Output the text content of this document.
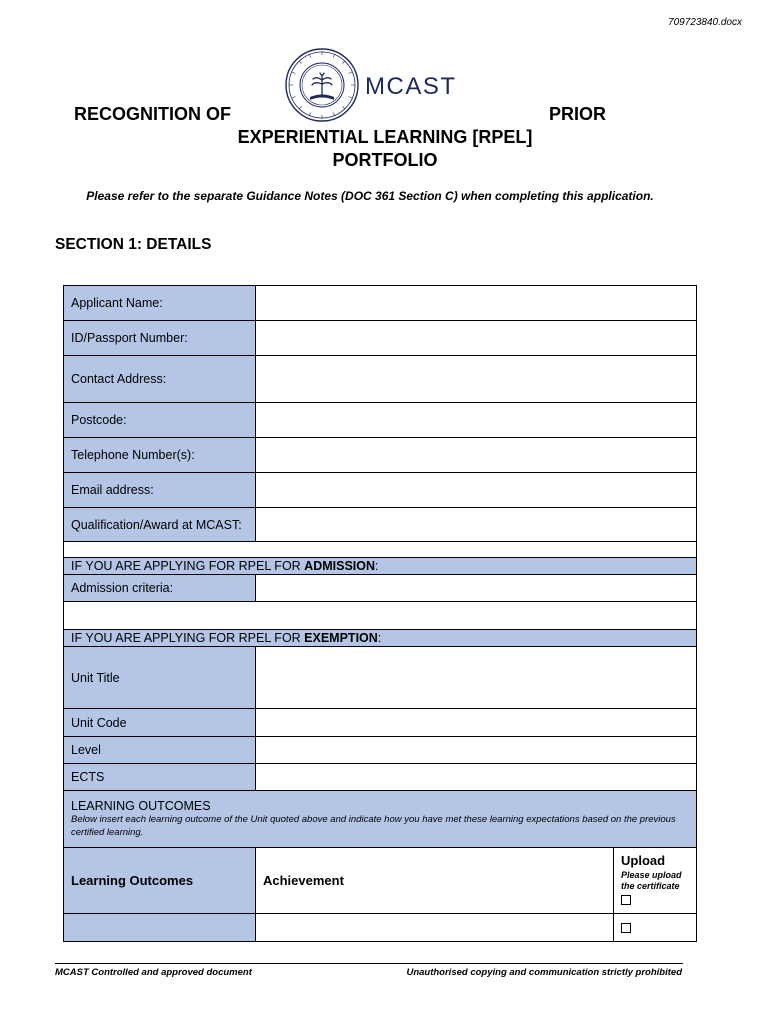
709723840.docx
MCAST
RECOGNITION OF	PRIOR
EXPERIENTIAL LEARNING [RPEL]
PORTFOLIO
Please refer to the separate Guidance Notes (DOC 361 Section C) when completing this application.
SECTION 1: DETAILS
Applicant Name:		
ID/Passport Number:		
Contact Address:		
Postcode:		
Telephone Number(s):		
Email address:		
Qualification/Award at MCAST:		

IF YOU ARE APPLYING FOR RPEL FOR ADMISSION:		
Admission criteria:		

IF YOU ARE APPLYING FOR RPEL FOR EXEMPTION:		
Unit Title		
Unit Code		
Level		
ECTS		

LEARNING OUTCOMES
Below insert each learning outcome of the Unit quoted above and indicate how you have met these learning expectations based on the previous certified learning.		

Learning Outcomes	Achievement	Upload
Please upload the certificate

MCAST Controlled and approved document	Unauthorised copying and communication strictly prohibited
